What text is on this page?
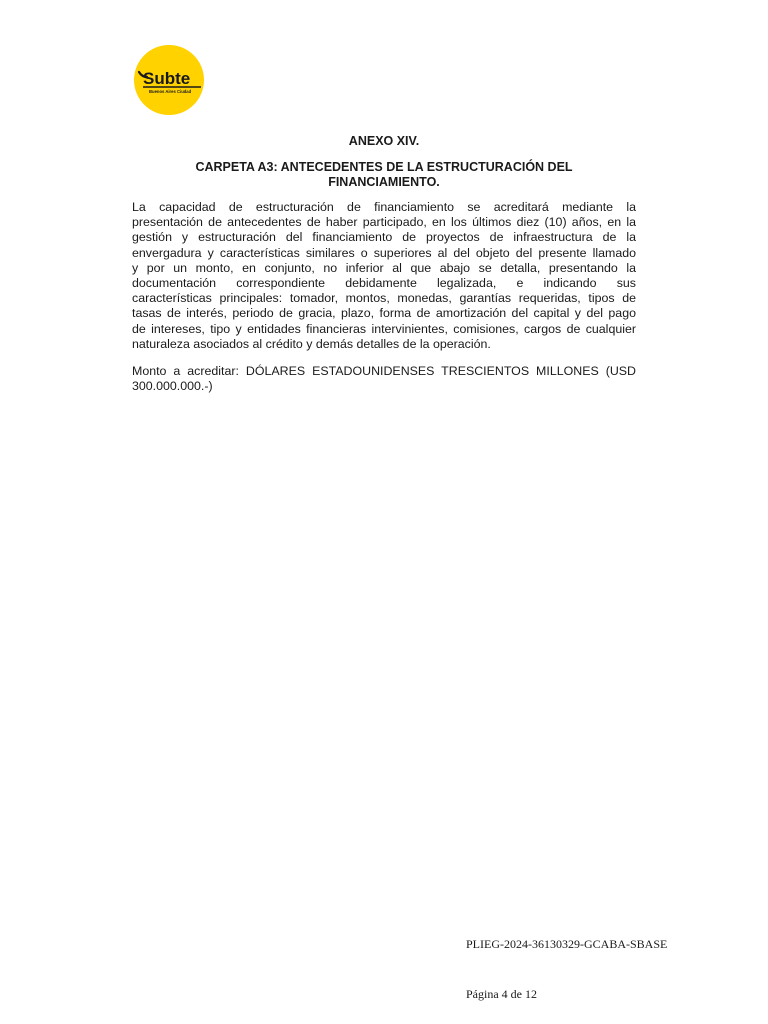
Subte
Buenos Aires Ciudad
ANEXO XIV.
CARPETA A3: ANTECEDENTES DE LA ESTRUCTURACIÓN DEL
FINANCIAMIENTO.

La capacidad de estructuración de financiamiento se acreditará mediante la
presentación de antecedentes de haber participado, en los últimos diez (10) años, en la
gestión y estructuración del financiamiento de proyectos de infraestructura de la
envergadura y características similares o superiores al del objeto del presente llamado
y por un monto, en conjunto, no inferior al que abajo se detalla, presentando la
documentación correspondiente debidamente legalizada, e indicando sus
características principales: tomador, montos, monedas, garantías requeridas, tipos de
tasas de interés, periodo de gracia, plazo, forma de amortización del capital y del pago
de intereses, tipo y entidades financieras intervinientes, comisiones, cargos de cualquier
naturaleza asociados al crédito y demás detalles de la operación.

Monto a acreditar: DÓLARES ESTADOUNIDENSES TRESCIENTOS MILLONES (USD
300.000.000.-)

PLIEG-2024-36130329-GCABA-SBASE
Página 4 de 12
